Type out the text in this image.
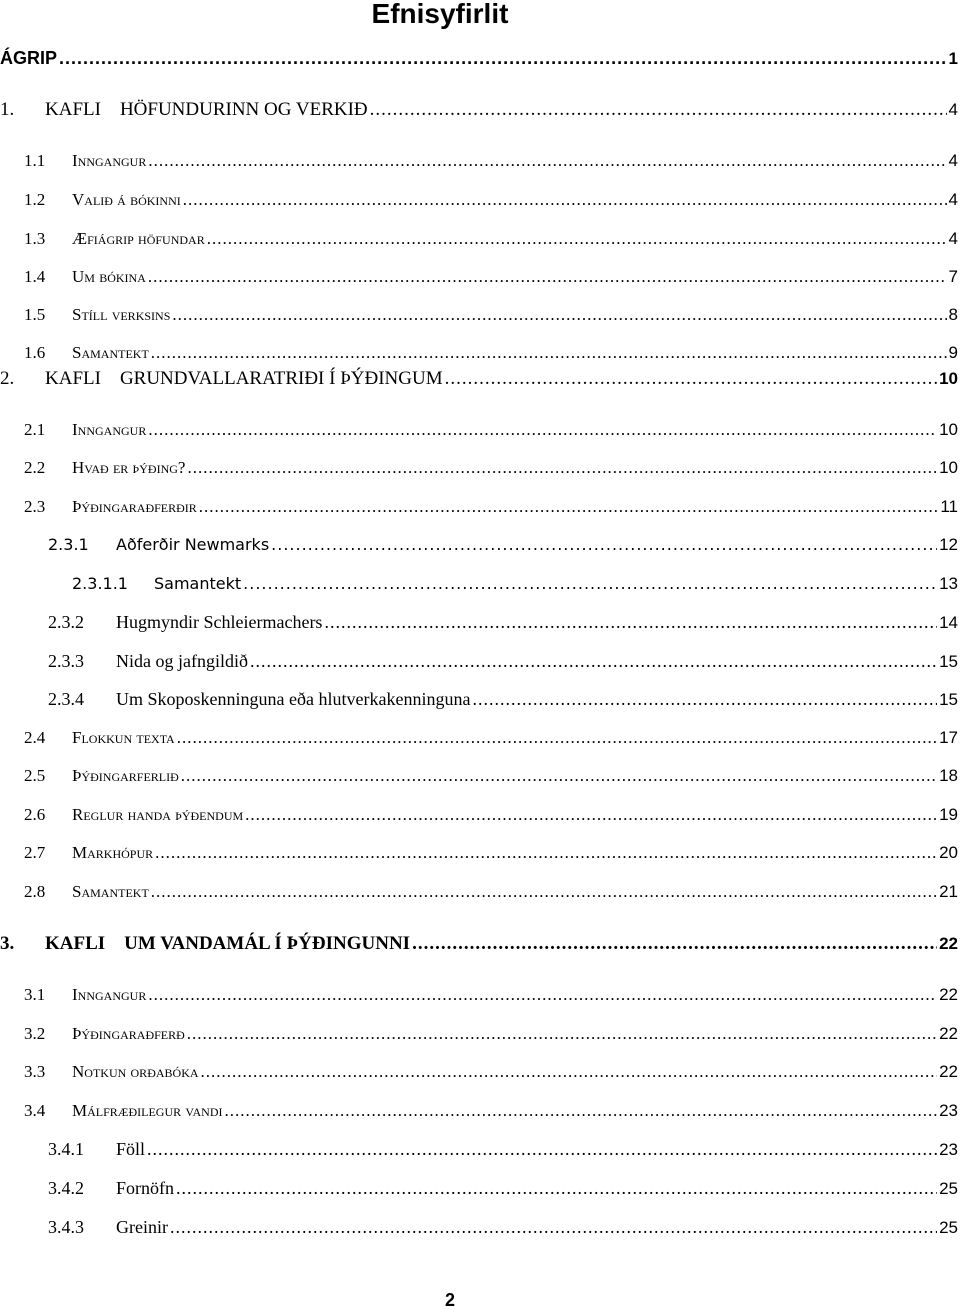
Efnisyfirlit
ÁGRIP .....	1
1.	KAFLI    HÖFUNDURINN OG VERKIÐ .....	4
1.1	Inngangur .....	4
1.2	Valið á bókinni .....	4
1.3	Æfiágrip höfundar .....	4
1.4	Um bókina .....	7
1.5	Stíll verksins .....	8
1.6	Samantekt .....	9
2.	KAFLI    GRUNDVALLARATRIÐI Í ÞÝÐINGUM .....	10
2.1	Inngangur .....	10
2.2	Hvað er þýðing? .....	10
2.3	Þýðingaraðferðir .....	11
2.3.1	Aðferðir Newmarks .....	12
2.3.1.1	Samantekt .....	13
2.3.2	Hugmyndir Schleiermachers .....	14
2.3.3	Nida og jafngildið .....	15
2.3.4	Um Skoposkenninguna eða hlutverkakenninguna .....	15
2.4	Flokkun texta .....	17
2.5	Þýðingarferlið .....	18
2.6	Reglur handa þýðendum .....	19
2.7	Markhópur .....	20
2.8	Samantekt .....	21
3.	KAFLI    UM VANDAMÁL Í ÞÝÐINGUNNI .....	22
3.1	Inngangur .....	22
3.2	Þýðingaraðferð .....	22
3.3	Notkun orðabóka .....	22
3.4	Málfræðilegur vandi .....	23
3.4.1	Föll .....	23
3.4.2	Fornöfn .....	25
3.4.3	Greinir .....	25
2
